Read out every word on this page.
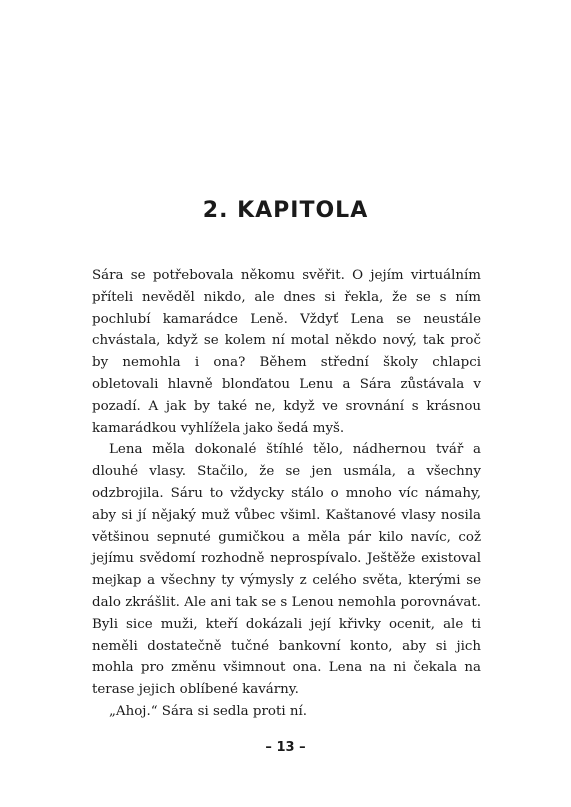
2. KAPITOLA

Sára se potřebovala někomu svěřit. O jejím virtuálním příteli nevěděl nikdo, ale dnes si řekla, že se s ním pochlubí kamarádce Leně. Vždyť Lena se neustále chvástala, když se kolem ní motal někdo nový, tak proč by nemohla i ona? Během střední školy chlapci obletovali hlavně blonďatou Lenu a Sára zůstávala v pozadí. A jak by také ne, když ve srovnání s krásnou kamarádkou vyhlížela jako šedá myš.

Lena měla dokonalé štíhlé tělo, nádhernou tvář a dlouhé vlasy. Stačilo, že se jen usmála, a všechny odzbrojila. Sáru to vždycky stálo o mnoho víc námahy, aby si jí nějaký muž vůbec všiml. Kaštanové vlasy nosila většinou sepnuté gumičkou a měla pár kilo navíc, což jejímu svědomí rozhodně neprospívalo. Ještěže existoval mejkap a všechny ty výmysly z celého světa, kterými se dalo zkrášlit. Ale ani tak se s Lenou nemohla porovnávat. Byli sice muži, kteří dokázali její křivky ocenit, ale ti neměli dostatečně tučné bankovní konto, aby si jich mohla pro změnu všimnout ona. Lena na ni čekala na terase jejich oblíbené kavárny.

„Ahoj.“ Sára si sedla proti ní.

– 13 –
